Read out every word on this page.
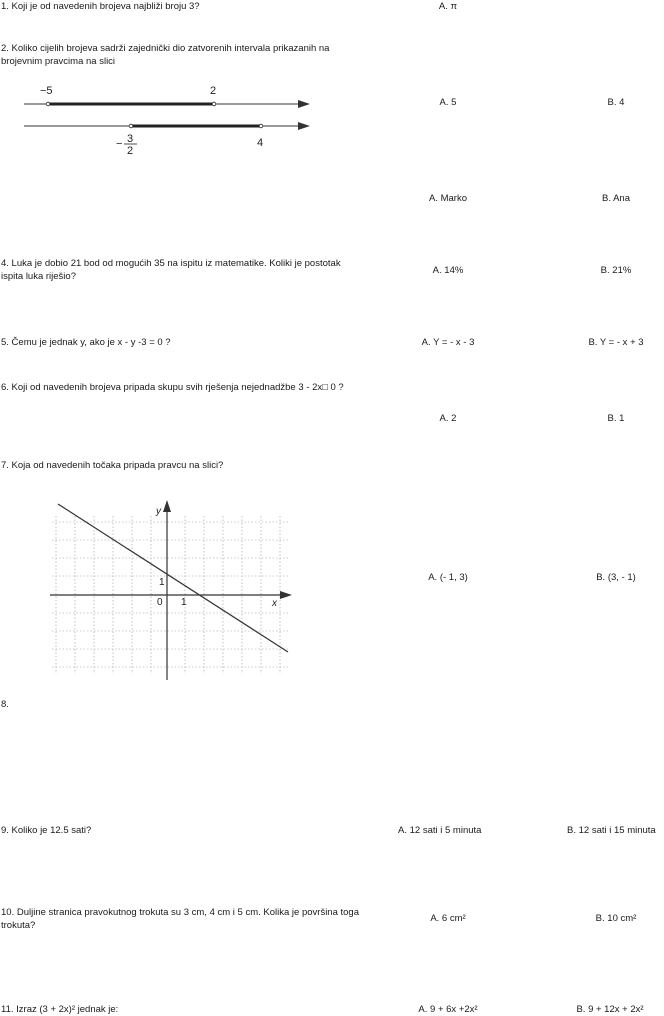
1. Koji je od navedenih brojeva najbliži broju 3?	A. π
2. Koliko cijelih brojeva sadrži zajednički dio zatvorenih intervala prikazanih na brojevnim pravcima na slici
−5	2
− 3
2
4
A. 5	B. 4
A. Marko	B. Ana
4. Luka je dobio 21 bod od mogućih 35 na ispitu iz matematike. Koliki je postotak ispita luka riješio?
A. 14%	B. 21%
5. Čemu je jednak y, ako je x - y -3 = 0 ?	A. Y = - x - 3	B. Y = - x + 3
6. Koji od navedenih brojeva pripada skupu svih rješenja nejednadžbe 3 - 2x□ 0 ?
A. 2	B. 1
7. Koja od navedenih točaka pripada pravcu na slici?
y
x
0 1
1	A. (- 1, 3)	B. (3, - 1)
8.
9. Koliko je 12.5 sati?	A. 12 sati i 5 minuta	B. 12 sati i 15 minuta
10. Duljine stranica pravokutnog trokuta su 3 cm, 4 cm i 5 cm. Kolika je površina toga trokuta?
A. 6 cm²	B. 10 cm²
11. Izraz (3 + 2x)² jednak je:	A. 9 + 6x +2x²	B. 9 + 12x + 2x²
